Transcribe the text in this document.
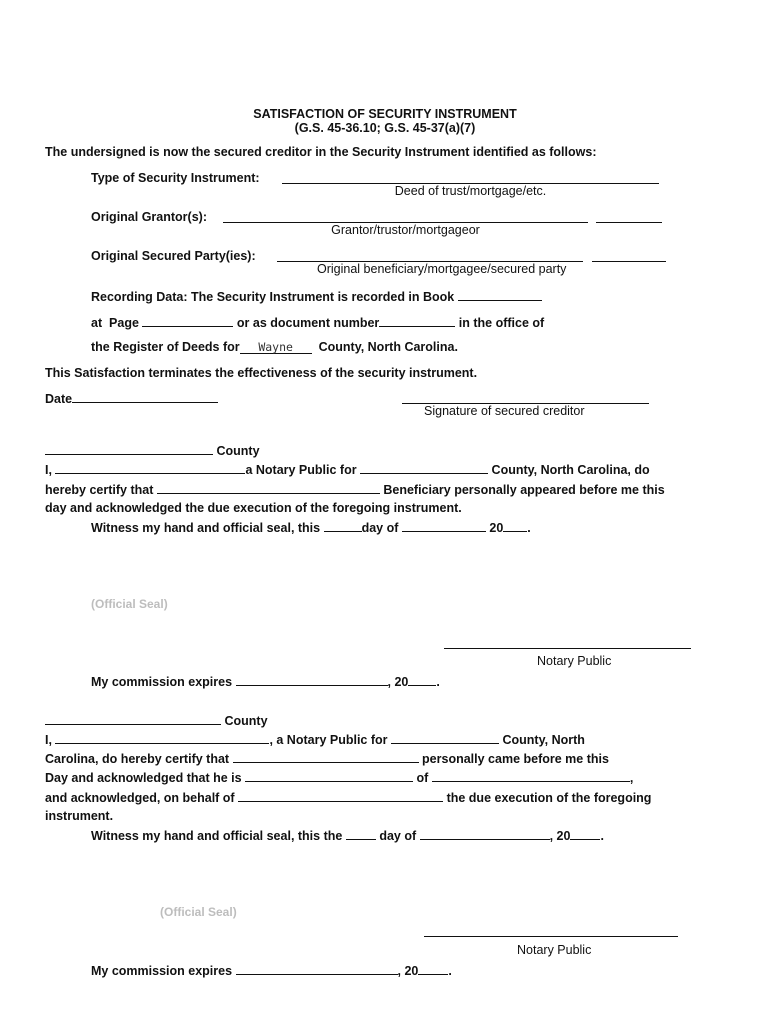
SATISFACTION OF SECURITY INSTRUMENT
(G.S. 45-36.10; G.S. 45-37(a)(7)
The undersigned is now the secured creditor in the Security Instrument identified as follows:
Type of Security Instrument:
Deed of trust/mortgage/etc.
Original Grantor(s):
Grantor/trustor/mortgageor
Original Secured Party(ies):
Original beneficiary/mortgagee/secured party
Recording Data: The Security Instrument is recorded in Book
at  Page	or as document number	in the office of
the Register of Deeds for Wayne County, North Carolina.
This Satisfaction terminates the effectiveness of the security instrument.
Date
Signature of secured creditor
County
I,	a Notary Public for	County, North Carolina, do
hereby certify that	Beneficiary personally appeared before me this
day and acknowledged the due execution of the foregoing instrument.
Witness my hand and official seal, this	day of	20 .
(Official Seal)
Notary Public
My commission expires	, 20 .
County
I,	, a Notary Public for	County, North
Carolina, do hereby certify that	personally came before me this
Day and acknowledged that he is	of	,
and acknowledged, on behalf of	the due execution of the foregoing
instrument.
Witness my hand and official seal, this the	day of	, 20 .
(Official Seal)
Notary Public
My commission expires	, 20 .
